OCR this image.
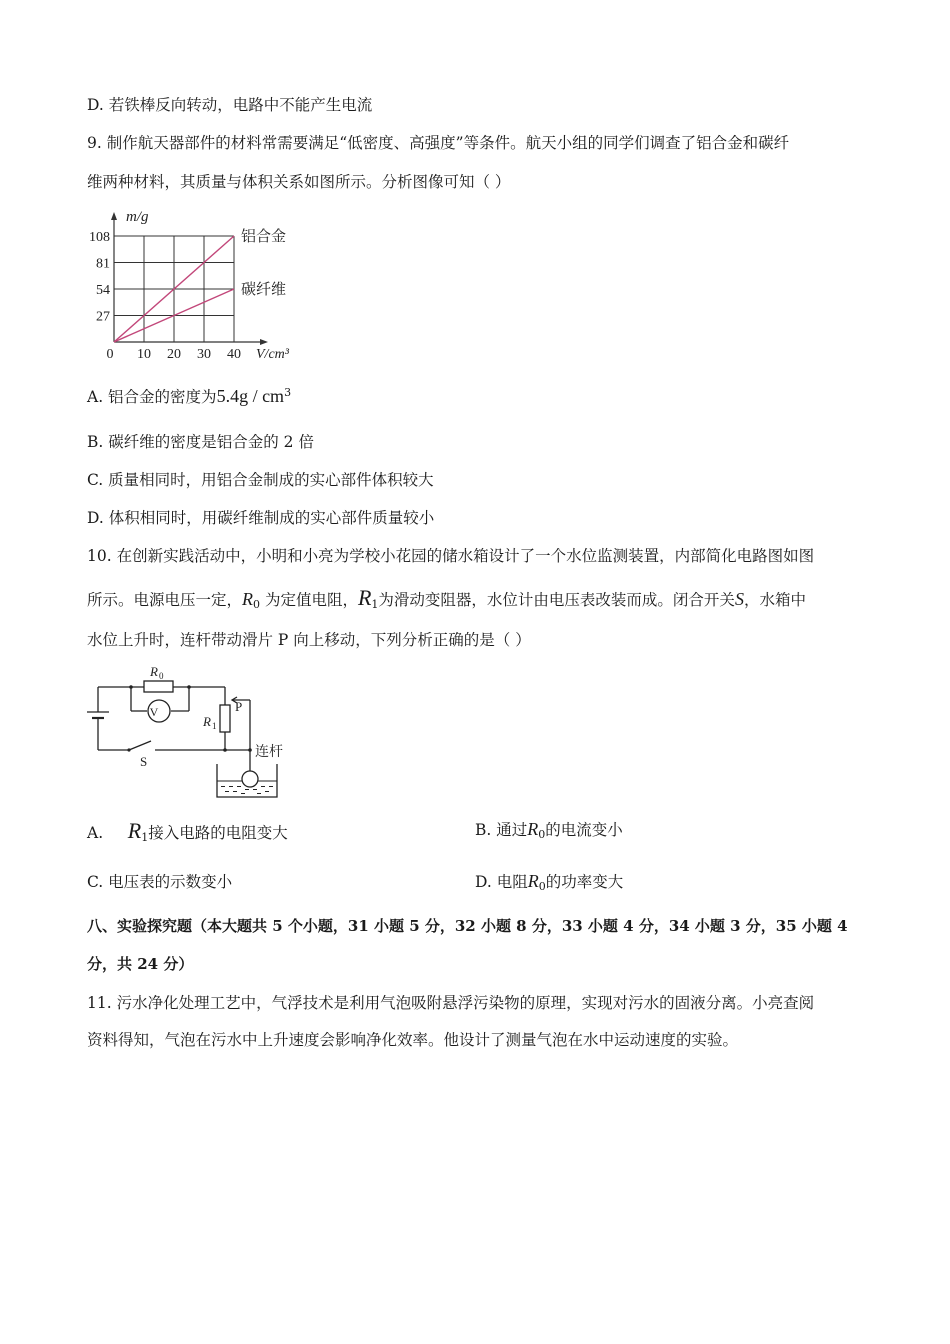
D. 若铁棒反向转动，电路中不能产生电流
9. 制作航天器部件的材料常需要满足“低密度、高强度”等条件。航天小组的同学们调查了铝合金和碳纤
维两种材料，其质量与体积关系如图所示。分析图像可知（ ）
0 10 20 30 40
27
54
81
108	铝合金
碳纤维
m/g
V/cm³
A. 铝合金的密度为$5.4g / cm^3$
B. 碳纤维的密度是铝合金的 2 倍
C. 质量相同时，用铝合金制成的实心部件体积较大
D. 体积相同时，用碳纤维制成的实心部件质量较小
10. 在创新实践活动中，小明和小亮为学校小花园的储水箱设计了一个水位监测装置，内部简化电路图如图
所示。电源电压一定，$R_0$ 为定值电阻，$R_1$为滑动变阻器，水位计由电压表改装而成。闭合开关S，水箱中
水位上升时，连杆带动滑片 P 向上移动，下列分析正确的是（ ）
R 0
V
R 1
P
S
连杆
A. $R_1$接入电路的电阻变大	B. 通过$R_0$的电流变小
C. 电压表的示数变小	D. 电阻$R_0$的功率变大
八、实验探究题（本大题共 5 个小题，31 小题 5 分，32 小题 8 分，33 小题 4 分，34 小题 3 分，35 小题 4
分，共 24 分）
11. 污水净化处理工艺中，气浮技术是利用气泡吸附悬浮污染物的原理，实现对污水的固液分离。小亮查阅
资料得知，气泡在污水中上升速度会影响净化效率。他设计了测量气泡在水中运动速度的实验。
